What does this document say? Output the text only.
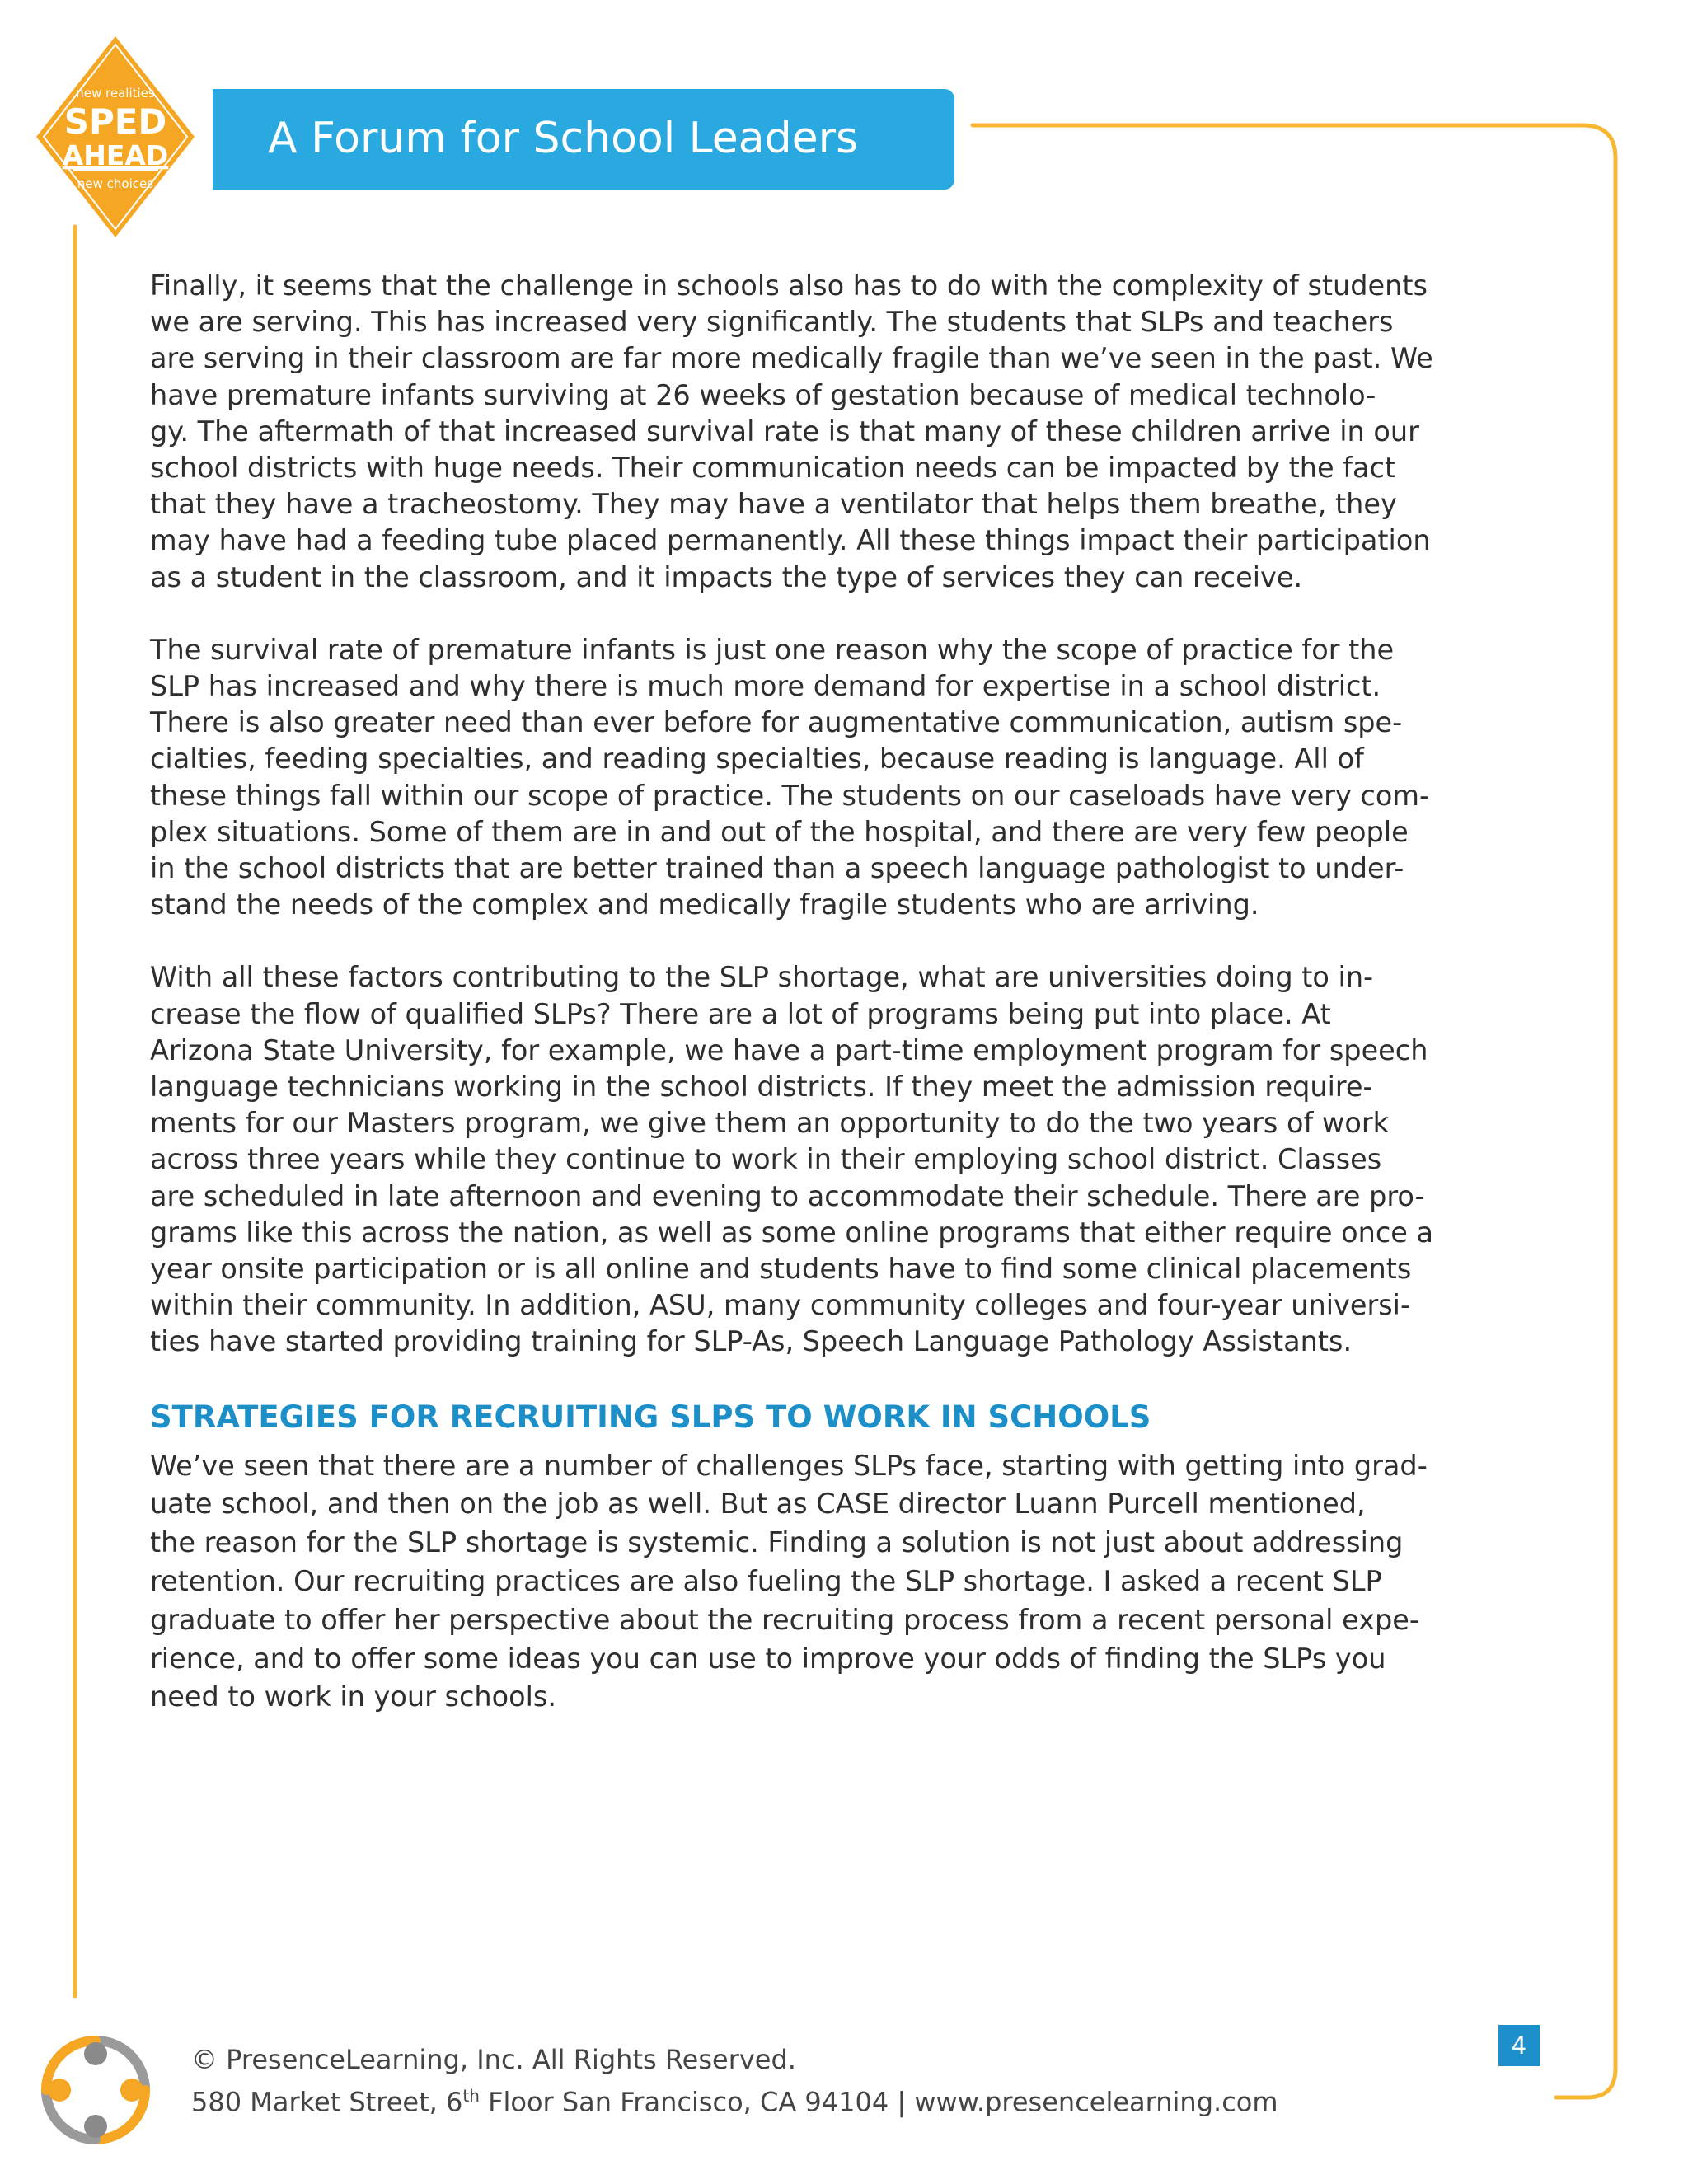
A Forum for School Leaders
new realities
SPED
AHEAD
new choices

Finally, it seems that the challenge in schools also has to do with the complexity of students
we are serving. This has increased very significantly. The students that SLPs and teachers
are serving in their classroom are far more medically fragile than we’ve seen in the past. We
have premature infants surviving at 26 weeks of gestation because of medical technolo-
gy. The aftermath of that increased survival rate is that many of these children arrive in our
school districts with huge needs. Their communication needs can be impacted by the fact
that they have a tracheostomy. They may have a ventilator that helps them breathe, they
may have had a feeding tube placed permanently. All these things impact their participation
as a student in the classroom, and it impacts the type of services they can receive.

The survival rate of premature infants is just one reason why the scope of practice for the
SLP has increased and why there is much more demand for expertise in a school district.
There is also greater need than ever before for augmentative communication, autism spe-
cialties, feeding specialties, and reading specialties, because reading is language. All of
these things fall within our scope of practice. The students on our caseloads have very com-
plex situations. Some of them are in and out of the hospital, and there are very few people
in the school districts that are better trained than a speech language pathologist to under-
stand the needs of the complex and medically fragile students who are arriving.

With all these factors contributing to the SLP shortage, what are universities doing to in-
crease the flow of qualified SLPs? There are a lot of programs being put into place. At
Arizona State University, for example, we have a part-time employment program for speech
language technicians working in the school districts. If they meet the admission require-
ments for our Masters program, we give them an opportunity to do the two years of work
across three years while they continue to work in their employing school district. Classes
are scheduled in late afternoon and evening to accommodate their schedule. There are pro-
grams like this across the nation, as well as some online programs that either require once a
year onsite participation or is all online and students have to find some clinical placements
within their community. In addition, ASU, many community colleges and four-year universi-
ties have started providing training for SLP-As, Speech Language Pathology Assistants.

STRATEGIES FOR RECRUITING SLPS TO WORK IN SCHOOLS

We’ve seen that there are a number of challenges SLPs face, starting with getting into grad-
uate school, and then on the job as well. But as CASE director Luann Purcell mentioned,
the reason for the SLP shortage is systemic. Finding a solution is not just about addressing
retention. Our recruiting practices are also fueling the SLP shortage. I asked a recent SLP
graduate to offer her perspective about the recruiting process from a recent personal expe-
rience, and to offer some ideas you can use to improve your odds of finding the SLPs you
need to work in your schools.

© PresenceLearning, Inc. All Rights Reserved.
580 Market Street, 6th Floor San Francisco, CA 94104 | www.presencelearning.com
4
